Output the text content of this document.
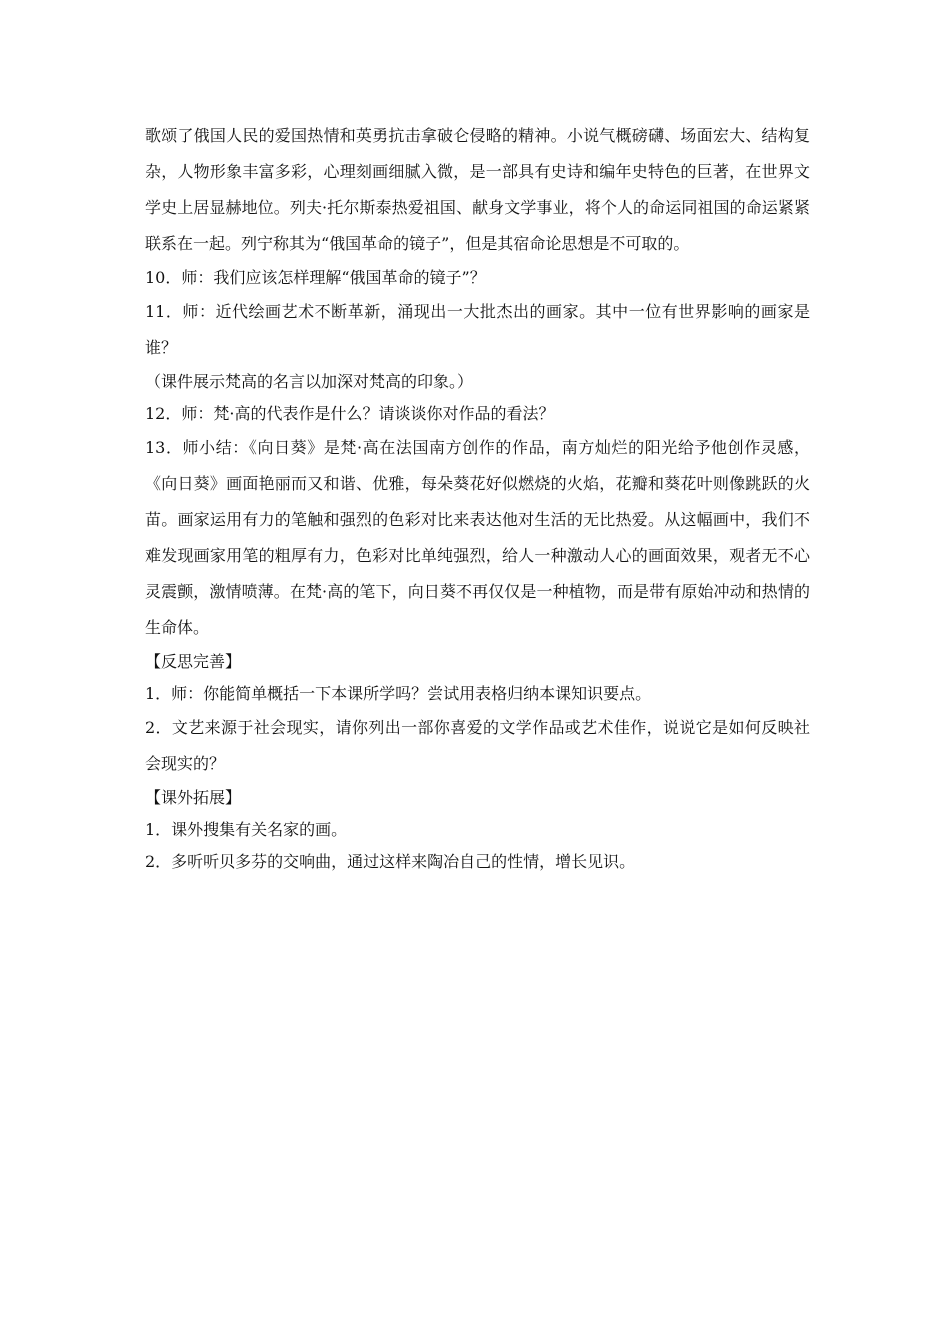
歌颂了俄国人民的爱国热情和英勇抗击拿破仑侵略的精神。小说气概磅礴、场面宏大、结构复杂，人物形象丰富多彩，心理刻画细腻入微，是一部具有史诗和编年史特色的巨著，在世界文学史上居显赫地位。列夫·托尔斯泰热爱祖国、献身文学事业，将个人的命运同祖国的命运紧紧联系在一起。列宁称其为“俄国革命的镜子”，但是其宿命论思想是不可取的。

10．师：我们应该怎样理解“俄国革命的镜子”？

11．师：近代绘画艺术不断革新，涌现出一大批杰出的画家。其中一位有世界影响的画家是谁？

（课件展示梵高的名言以加深对梵高的印象。）

12．师：梵·高的代表作是什么？请谈谈你对作品的看法？

13．师小结：《向日葵》是梵·高在法国南方创作的作品，南方灿烂的阳光给予他创作灵感，《向日葵》画面艳丽而又和谐、优雅，每朵葵花好似燃烧的火焰，花瓣和葵花叶则像跳跃的火苗。画家运用有力的笔触和强烈的色彩对比来表达他对生活的无比热爱。从这幅画中，我们不难发现画家用笔的粗厚有力，色彩对比单纯强烈，给人一种激动人心的画面效果，观者无不心灵震颤，激情喷薄。在梵·高的笔下，向日葵不再仅仅是一种植物，而是带有原始冲动和热情的生命体。

【反思完善】

1．师：你能简单概括一下本课所学吗？尝试用表格归纳本课知识要点。

2．文艺来源于社会现实，请你列出一部你喜爱的文学作品或艺术佳作，说说它是如何反映社会现实的？

【课外拓展】

1．课外搜集有关名家的画。

2．多听听贝多芬的交响曲，通过这样来陶冶自己的性情，增长见识。
